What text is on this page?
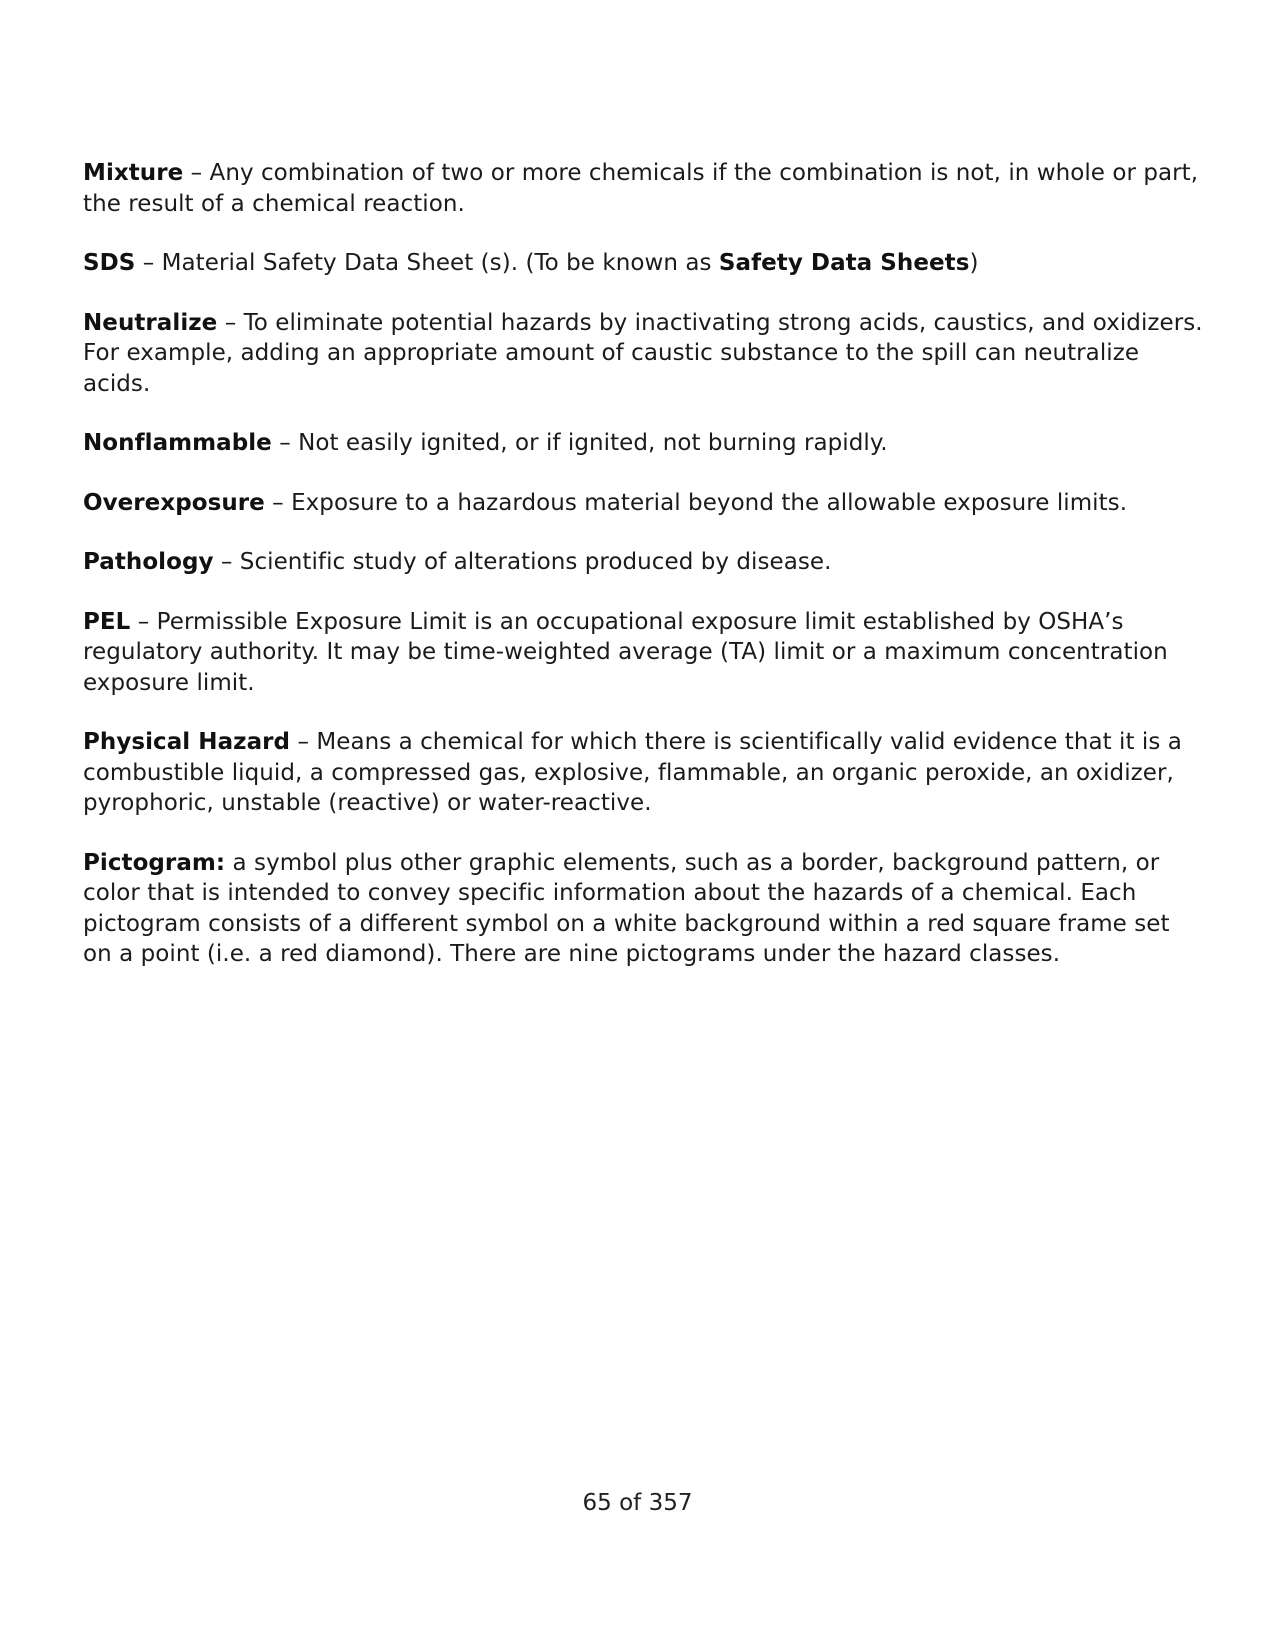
Mixture – Any combination of two or more chemicals if the combination is not, in whole or part, the result of a chemical reaction.

SDS – Material Safety Data Sheet (s). (To be known as Safety Data Sheets)

Neutralize – To eliminate potential hazards by inactivating strong acids, caustics, and oxidizers. For example, adding an appropriate amount of caustic substance to the spill can neutralize acids.

Nonflammable – Not easily ignited, or if ignited, not burning rapidly.

Overexposure – Exposure to a hazardous material beyond the allowable exposure limits.

Pathology – Scientific study of alterations produced by disease.

PEL – Permissible Exposure Limit is an occupational exposure limit established by OSHA’s regulatory authority. It may be time-weighted average (TA) limit or a maximum concentration exposure limit.

Physical Hazard – Means a chemical for which there is scientifically valid evidence that it is a combustible liquid, a compressed gas, explosive, flammable, an organic peroxide, an oxidizer, pyrophoric, unstable (reactive) or water-reactive.

Pictogram: a symbol plus other graphic elements, such as a border, background pattern, or color that is intended to convey specific information about the hazards of a chemical. Each pictogram consists of a different symbol on a white background within a red square frame set on a point (i.e. a red diamond). There are nine pictograms under the hazard classes.

65 of 357
